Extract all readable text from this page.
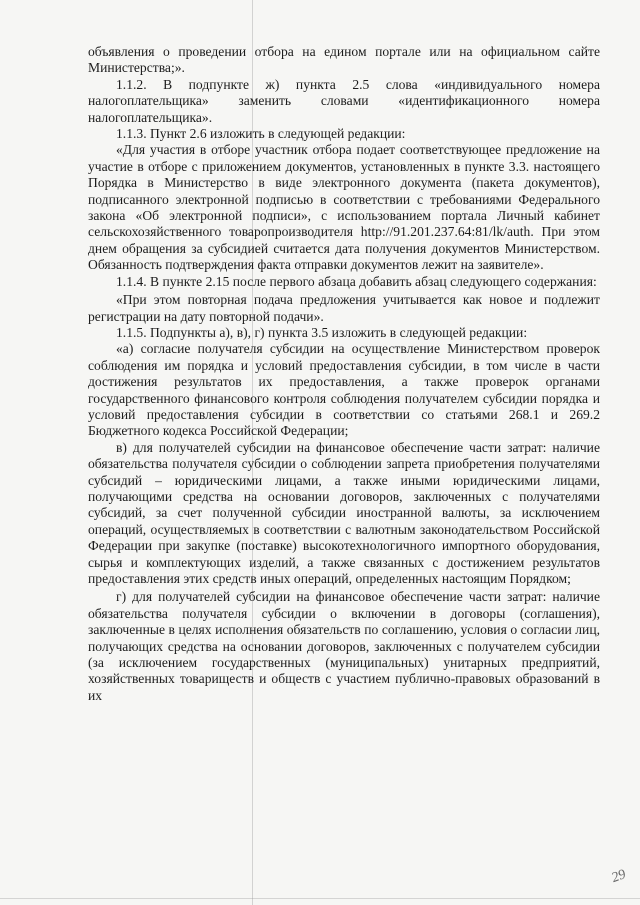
объявления о проведении отбора на едином портале или на официальном сайте Министерства;».

1.1.2. В подпункте ж) пункта 2.5 слова «индивидуального номера налогоплательщика» заменить словами «идентификационного номера налогоплательщика».

1.1.3. Пункт 2.6 изложить в следующей редакции:

«Для участия в отборе участник отбора подает соответствующее предложение на участие в отборе с приложением документов, установленных в пункте 3.3. настоящего Порядка в Министерство в виде электронного документа (пакета документов), подписанного электронной подписью в соответствии с требованиями Федерального закона «Об электронной подписи», с использованием портала Личный кабинет сельскохозяйственного товаропроизводителя http://91.201.237.64:81/lk/auth. При этом днем обращения за субсидией считается дата получения документов Министерством. Обязанность подтверждения факта отправки документов лежит на заявителе».

1.1.4. В пункте 2.15 после первого абзаца добавить абзац следующего содержания:

«При этом повторная подача предложения учитывается как новое и подлежит регистрации на дату повторной подачи».

1.1.5. Подпункты а), в), г) пункта 3.5 изложить в следующей редакции:

«а) согласие получателя субсидии на осуществление Министерством проверок соблюдения им порядка и условий предоставления субсидии, в том числе в части достижения результатов их предоставления, а также проверок органами государственного финансового контроля соблюдения получателем субсидии порядка и условий предоставления субсидии в соответствии со статьями 268.1 и 269.2 Бюджетного кодекса Российской Федерации;

в) для получателей субсидии на финансовое обеспечение части затрат: наличие обязательства получателя субсидии о соблюдении запрета приобретения получателями субсидий – юридическими лицами, а также иными юридическими лицами, получающими средства на основании договоров, заключенных с получателями субсидий, за счет полученной субсидии иностранной валюты, за исключением операций, осуществляемых в соответствии с валютным законодательством Российской Федерации при закупке (поставке) высокотехнологичного импортного оборудования, сырья и комплектующих изделий, а также связанных с достижением результатов предоставления этих средств иных операций, определенных настоящим Порядком;

г) для получателей субсидии на финансовое обеспечение части затрат: наличие обязательства получателя субсидии о включении в договоры (соглашения), заключенные в целях исполнения обязательств по соглашению, условия о согласии лиц, получающих средства на основании договоров, заключенных с получателем субсидии (за исключением государственных (муниципальных) унитарных предприятий, хозяйственных товариществ и обществ с участием публично-правовых образований в их

29
